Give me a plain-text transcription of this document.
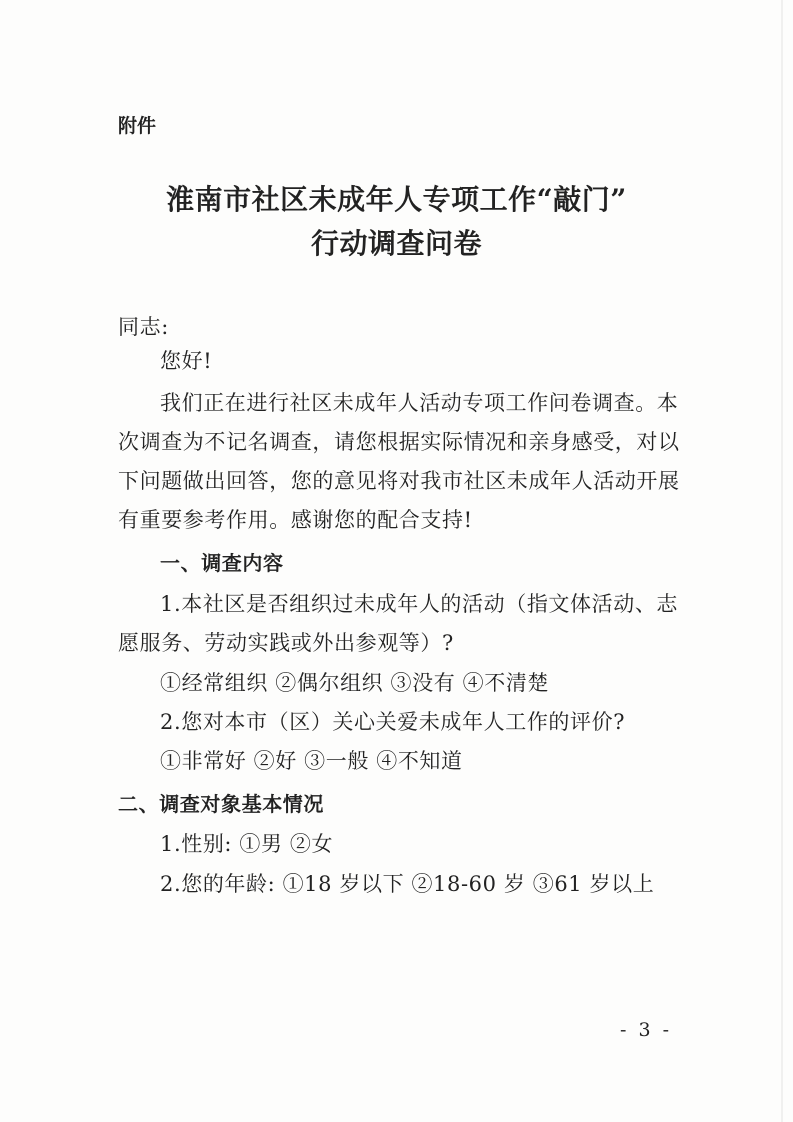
附件
淮南市社区未成年人专项工作“敲门”
行动调查问卷
同志:
您好!
我们正在进行社区未成年人活动专项工作问卷调查。本
次调查为不记名调查，请您根据实际情况和亲身感受，对以
下问题做出回答，您的意见将对我市社区未成年人活动开展
有重要参考作用。感谢您的配合支持!
一、调查内容
1.本社区是否组织过未成年人的活动（指文体活动、志
愿服务、劳动实践或外出参观等）?
①经常组织 ②偶尔组织 ③没有 ④不清楚
2.您对本市（区）关心关爱未成年人工作的评价?
①非常好 ②好 ③一般 ④不知道
二、调查对象基本情况
1.性别: ①男 ②女
2.您的年龄: ①18 岁以下 ②18-60 岁 ③61 岁以上
- 3 -
